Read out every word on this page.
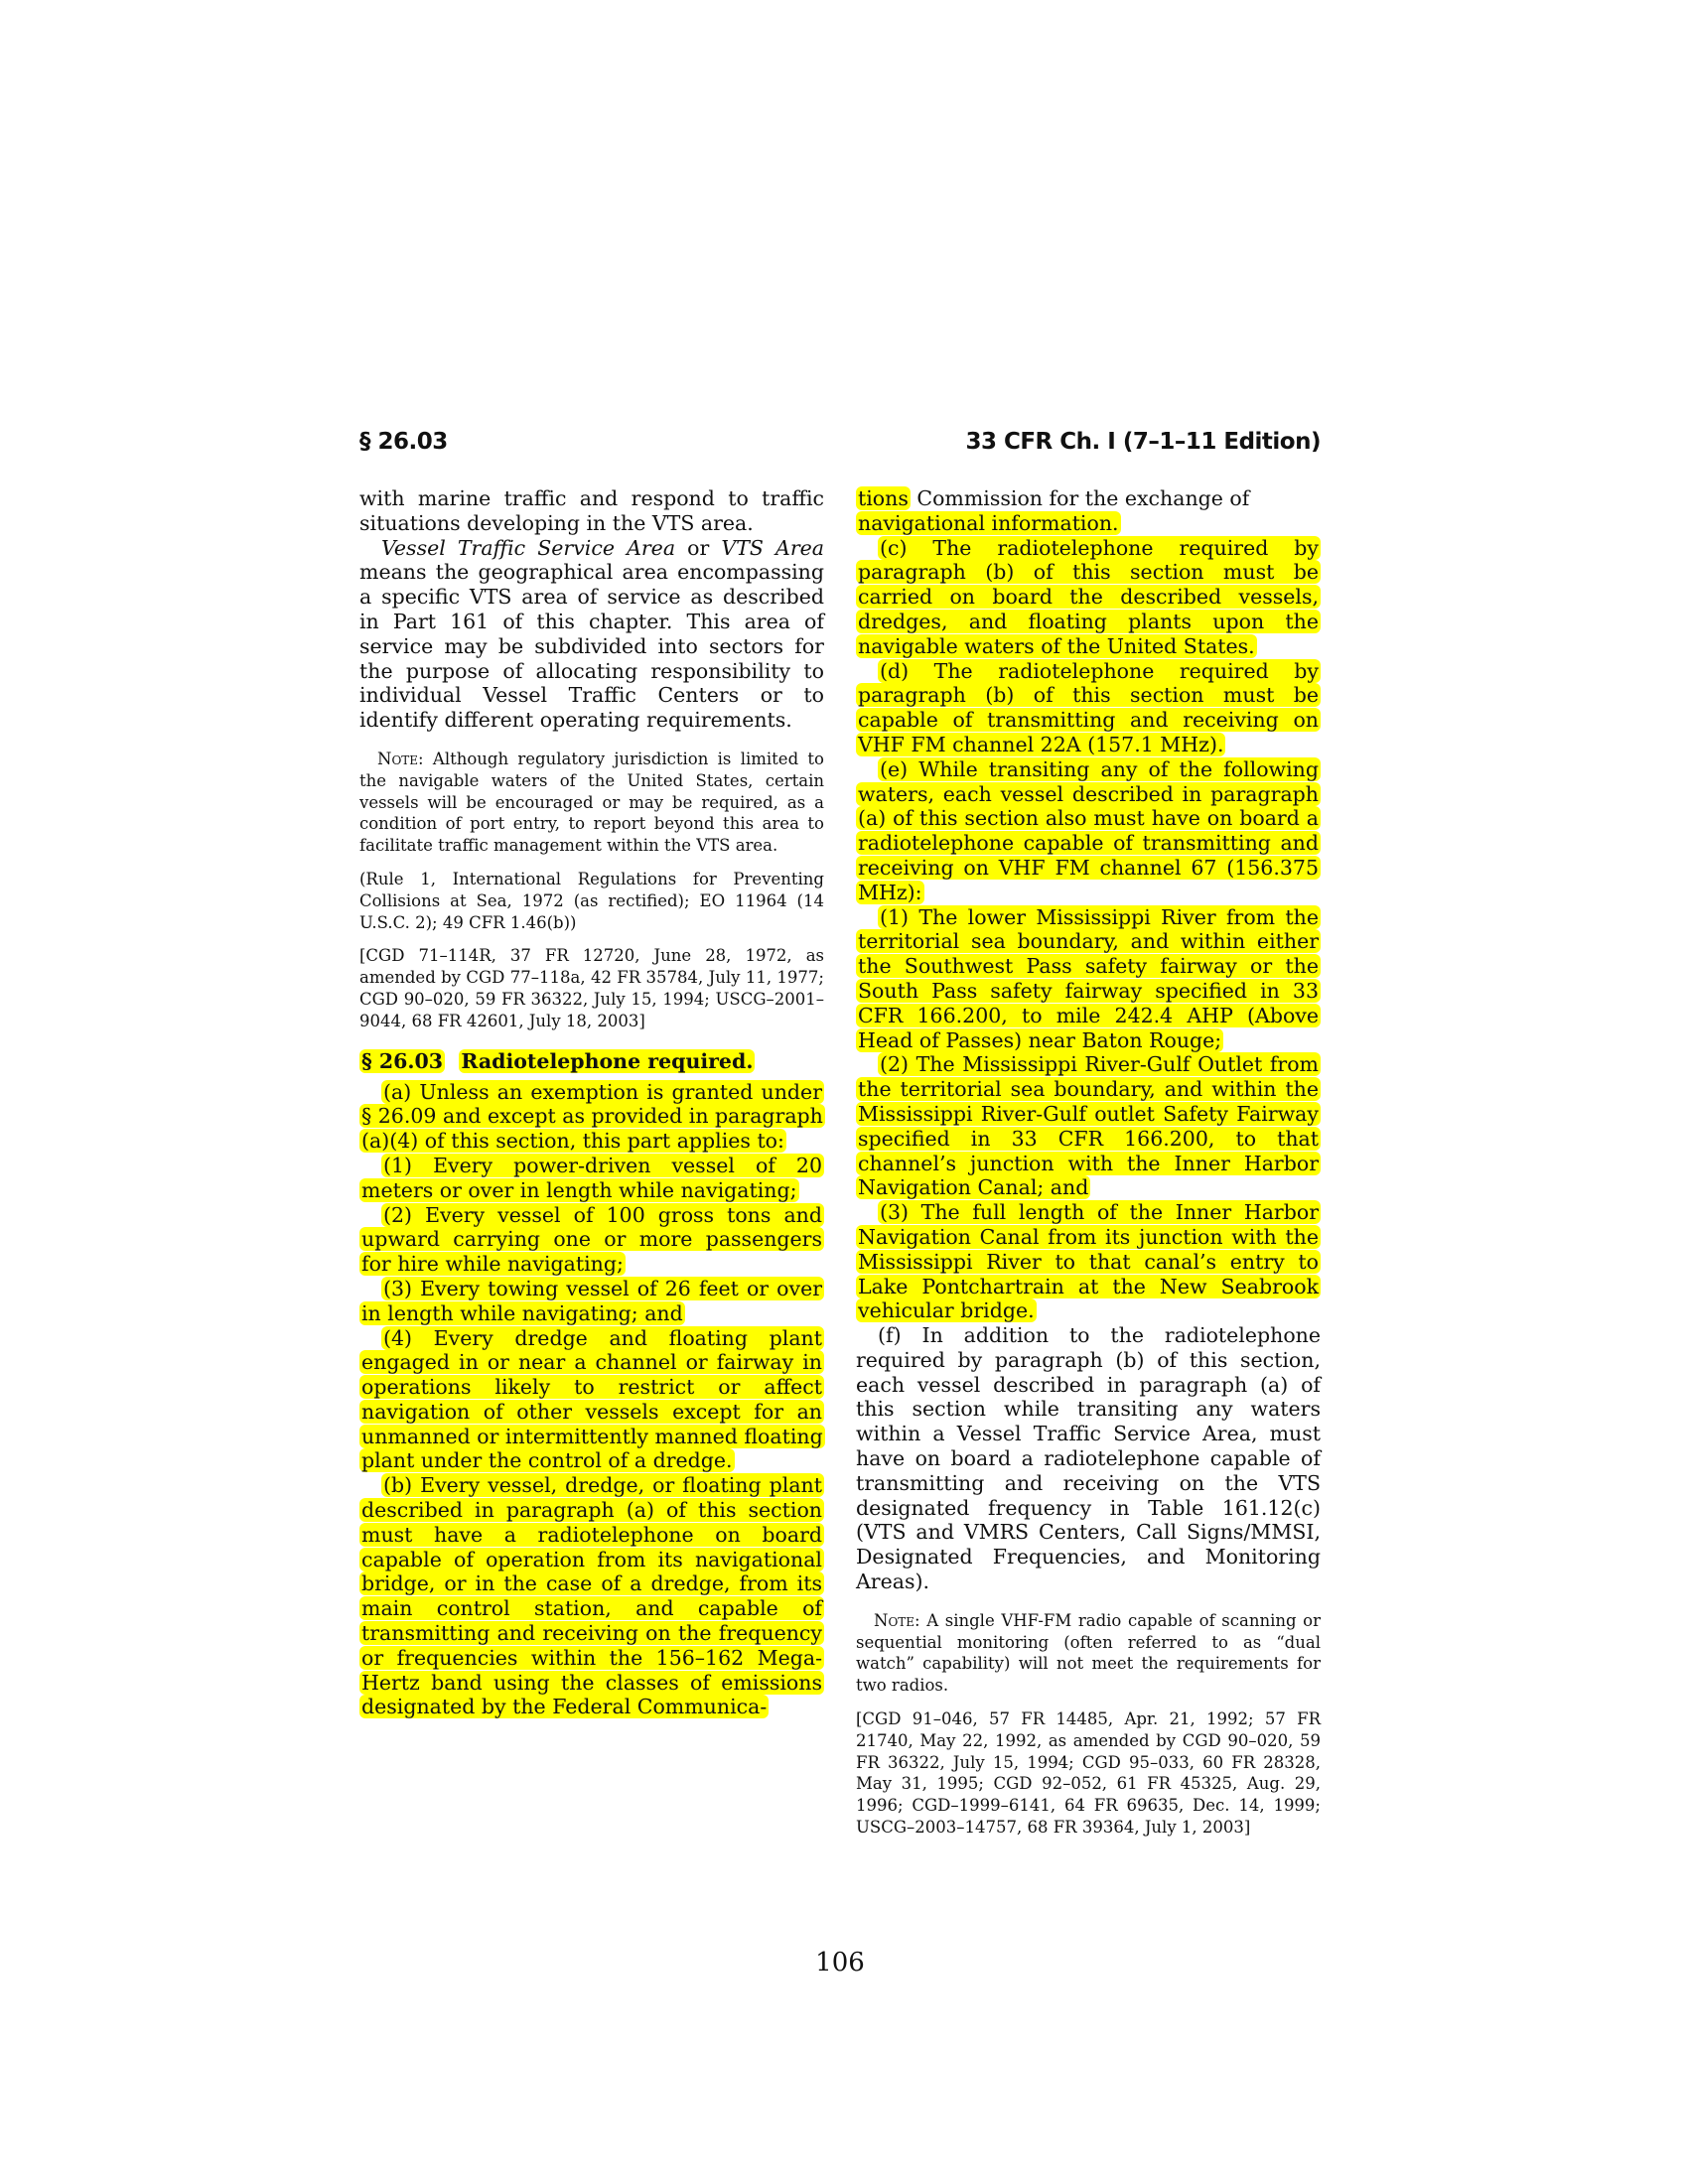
§ 26.03	33 CFR Ch. I (7–1–11 Edition)

with marine traffic and respond to traffic situations developing in the VTS area.

Vessel Traffic Service Area or VTS Area means the geographical area encompassing a specific VTS area of service as described in Part 161 of this chapter. This area of service may be subdivided into sectors for the purpose of allocating responsibility to individual Vessel Traffic Centers or to identify different operating requirements.

Note: Although regulatory jurisdiction is limited to the navigable waters of the United States, certain vessels will be encouraged or may be required, as a condition of port entry, to report beyond this area to facilitate traffic management within the VTS area.

(Rule 1, International Regulations for Preventing Collisions at Sea, 1972 (as rectified); EO 11964 (14 U.S.C. 2); 49 CFR 1.46(b))

[CGD 71–114R, 37 FR 12720, June 28, 1972, as amended by CGD 77–118a, 42 FR 35784, July 11, 1977; CGD 90–020, 59 FR 36322, July 15, 1994; USCG–2001–9044, 68 FR 42601, July 18, 2003]

§ 26.03 Radiotelephone required.

(a) Unless an exemption is granted under § 26.09 and except as provided in paragraph (a)(4) of this section, this part applies to:

(1) Every power-driven vessel of 20 meters or over in length while navigating;

(2) Every vessel of 100 gross tons and upward carrying one or more passengers for hire while navigating;

(3) Every towing vessel of 26 feet or over in length while navigating; and

(4) Every dredge and floating plant engaged in or near a channel or fairway in operations likely to restrict or affect navigation of other vessels except for an unmanned or intermittently manned floating plant under the control of a dredge.

(b) Every vessel, dredge, or floating plant described in paragraph (a) of this section must have a radiotelephone on board capable of operation from its navigational bridge, or in the case of a dredge, from its main control station, and capable of transmitting and receiving on the frequency or frequencies within the 156–162 Mega-Hertz band using the classes of emissions designated by the Federal Communica-

tions Commission for the exchange of
navigational information.

(c) The radiotelephone required by paragraph (b) of this section must be carried on board the described vessels, dredges, and floating plants upon the navigable waters of the United States.

(d) The radiotelephone required by paragraph (b) of this section must be capable of transmitting and receiving on VHF FM channel 22A (157.1 MHz).

(e) While transiting any of the following waters, each vessel described in paragraph (a) of this section also must have on board a radiotelephone capable of transmitting and receiving on VHF FM channel 67 (156.375 MHz):

(1) The lower Mississippi River from the territorial sea boundary, and within either the Southwest Pass safety fairway or the South Pass safety fairway specified in 33 CFR 166.200, to mile 242.4 AHP (Above Head of Passes) near Baton Rouge;

(2) The Mississippi River-Gulf Outlet from the territorial sea boundary, and within the Mississippi River-Gulf outlet Safety Fairway specified in 33 CFR 166.200, to that channel’s junction with the Inner Harbor Navigation Canal; and

(3) The full length of the Inner Harbor Navigation Canal from its junction with the Mississippi River to that canal’s entry to Lake Pontchartrain at the New Seabrook vehicular bridge.

(f) In addition to the radiotelephone required by paragraph (b) of this section, each vessel described in paragraph (a) of this section while transiting any waters within a Vessel Traffic Service Area, must have on board a radiotelephone capable of transmitting and receiving on the VTS designated frequency in Table 161.12(c) (VTS and VMRS Centers, Call Signs/MMSI, Designated Frequencies, and Monitoring Areas).

Note: A single VHF-FM radio capable of scanning or sequential monitoring (often referred to as “dual watch” capability) will not meet the requirements for two radios.

[CGD 91–046, 57 FR 14485, Apr. 21, 1992; 57 FR 21740, May 22, 1992, as amended by CGD 90–020, 59 FR 36322, July 15, 1994; CGD 95–033, 60 FR 28328, May 31, 1995; CGD 92–052, 61 FR 45325, Aug. 29, 1996; CGD–1999–6141, 64 FR 69635, Dec. 14, 1999; USCG–2003–14757, 68 FR 39364, July 1, 2003]

106
